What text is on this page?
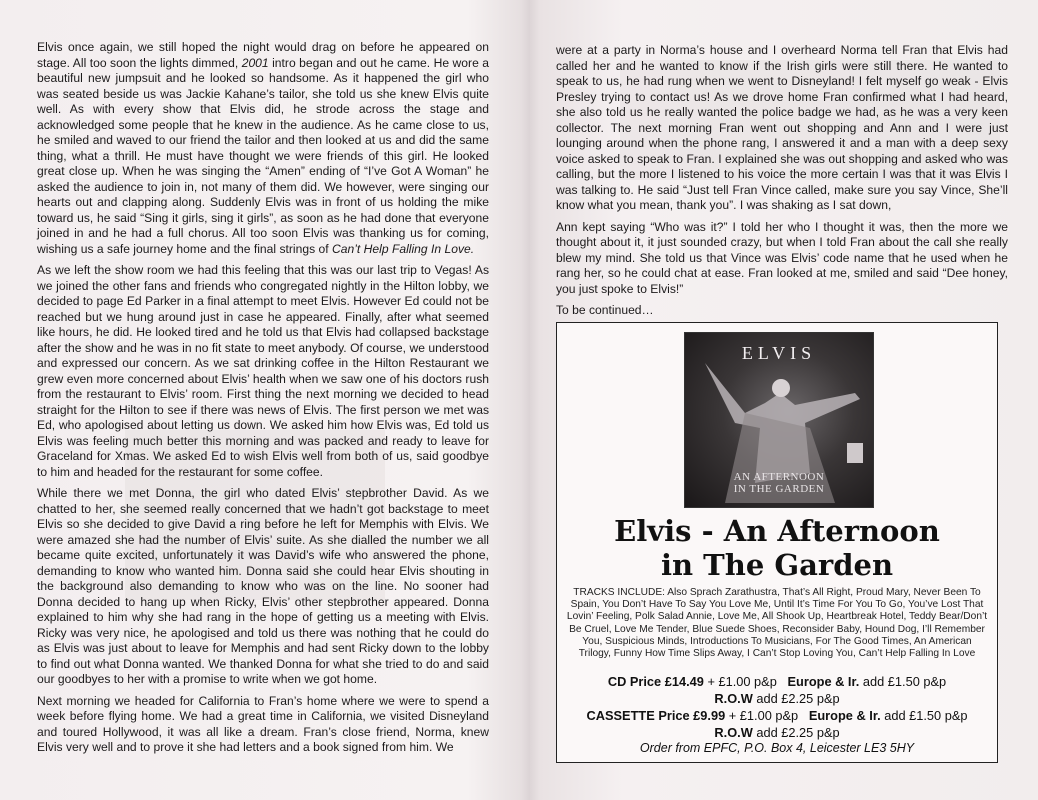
Elvis once again, we still hoped the night would drag on before he appeared on stage. All too soon the lights dimmed, 2001 intro began and out he came. He wore a beautiful new jumpsuit and he looked so handsome. As it happened the girl who was seated beside us was Jackie Kahane’s tailor, she told us she knew Elvis quite well. As with every show that Elvis did, he strode across the stage and acknowledged some people that he knew in the audience. As he came close to us, he smiled and waved to our friend the tailor and then looked at us and did the same thing, what a thrill. He must have thought we were friends of this girl. He looked great close up. When he was singing the “Amen” ending of “I’ve Got A Woman” he asked the audience to join in, not many of them did. We however, were singing our hearts out and clapping along. Suddenly Elvis was in front of us holding the mike toward us, he said “Sing it girls, sing it girls”, as soon as he had done that everyone joined in and he had a full chorus. All too soon Elvis was thanking us for coming, wishing us a safe journey home and the final strings of Can’t Help Falling In Love.

As we left the show room we had this feeling that this was our last trip to Vegas! As we joined the other fans and friends who congregated nightly in the Hilton lobby, we decided to page Ed Parker in a final attempt to meet Elvis. However Ed could not be reached but we hung around just in case he appeared. Finally, after what seemed like hours, he did. He looked tired and he told us that Elvis had collapsed backstage after the show and he was in no fit state to meet anybody. Of course, we understood and expressed our concern. As we sat drinking coffee in the Hilton Restaurant we grew even more concerned about Elvis’ health when we saw one of his doctors rush from the restaurant to Elvis’ room. First thing the next morning we decided to head straight for the Hilton to see if there was news of Elvis. The first person we met was Ed, who apologised about letting us down. We asked him how Elvis was, Ed told us Elvis was feeling much better this morning and was packed and ready to leave for Graceland for Xmas. We asked Ed to wish Elvis well from both of us, said goodbye to him and headed for the restaurant for some coffee.

While there we met Donna, the girl who dated Elvis’ stepbrother David. As we chatted to her, she seemed really concerned that we hadn’t got backstage to meet Elvis so she decided to give David a ring before he left for Memphis with Elvis. We were amazed she had the number of Elvis’ suite. As she dialled the number we all became quite excited, unfortunately it was David’s wife who answered the phone, demanding to know who wanted him. Donna said she could hear Elvis shouting in the background also demanding to know who was on the line. No sooner had Donna decided to hang up when Ricky, Elvis’ other stepbrother appeared. Donna explained to him why she had rang in the hope of getting us a meeting with Elvis. Ricky was very nice, he apologised and told us there was nothing that he could do as Elvis was just about to leave for Memphis and had sent Ricky down to the lobby to find out what Donna wanted. We thanked Donna for what she tried to do and said our goodbyes to her with a promise to write when we got home.

Next morning we headed for California to Fran’s home where we were to spend a week before flying home. We had a great time in California, we visited Disneyland and toured Hollywood, it was all like a dream. Fran’s close friend, Norma, knew Elvis very well and to prove it she had letters and a book signed from him. We

were at a party in Norma’s house and I overheard Norma tell Fran that Elvis had called her and he wanted to know if the Irish girls were still there. He wanted to speak to us, he had rung when we went to Disneyland! I felt myself go weak - Elvis Presley trying to contact us! As we drove home Fran confirmed what I had heard, she also told us he really wanted the police badge we had, as he was a very keen collector. The next morning Fran went out shopping and Ann and I were just lounging around when the phone rang, I answered it and a man with a deep sexy voice asked to speak to Fran. I explained she was out shopping and asked who was calling, but the more I listened to his voice the more certain I was that it was Elvis I was talking to. He said “Just tell Fran Vince called, make sure you say Vince, She’ll know what you mean, thank you”. I was shaking as I sat down,

Ann kept saying “Who was it?” I told her who I thought it was, then the more we thought about it, it just sounded crazy, but when I told Fran about the call she really blew my mind. She told us that Vince was Elvis’ code name that he used when he rang her, so he could chat at ease. Fran looked at me, smiled and said “Dee honey, you just spoke to Elvis!”

To be continued…

ELVIS
AN AFTERNOON
IN THE GARDEN
Elvis - An Afternoon
in The Garden
TRACKS INCLUDE: Also Sprach Zarathustra, That’s All Right, Proud Mary, Never Been To Spain, You Don’t Have To Say You Love Me, Until It’s Time For You To Go, You’ve Lost That Lovin’ Feeling, Polk Salad Annie, Love Me, All Shook Up, Heartbreak Hotel, Teddy Bear/Don’t Be Cruel, Love Me Tender, Blue Suede Shoes, Reconsider Baby, Hound Dog, I’ll Remember You, Suspicious Minds, Introductions To Musicians, For The Good Times, An American Trilogy, Funny How Time Slips Away, I Can’t Stop Loving You, Can’t Help Falling In Love
CD Price £14.49 + £1.00 p&p Europe & Ir. add £1.50 p&p
R.O.W add £2.25 p&p
CASSETTE Price £9.99 + £1.00 p&p Europe & Ir. add £1.50 p&p
R.O.W add £2.25 p&p
Order from EPFC, P.O. Box 4, Leicester LE3 5HY
